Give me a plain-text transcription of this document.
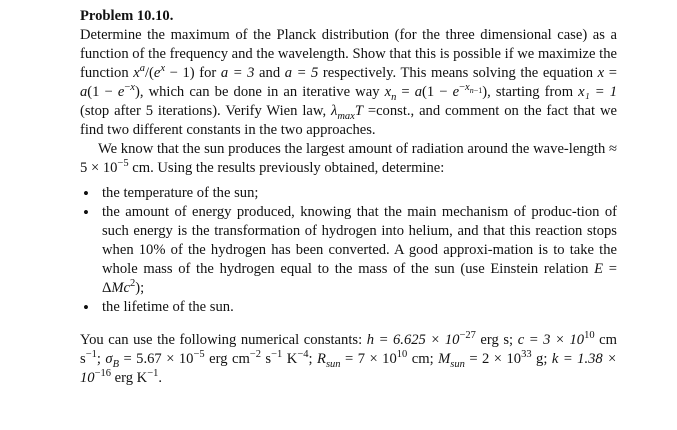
Problem 10.10.

Determine the maximum of the Planck distribution (for the three dimensional case) as a function of the frequency and the wavelength. Show that this is possible if we maximize the function $x^a/(e^x - 1)$ for a = 3 and a = 5 respectively. This means solving the equation $x = a(1 - e^{-x})$, which can be done in an iterative way $x_n = a(1 - e^{-x_{n-1}})$, starting from x₁ = 1 (stop after 5 iterations). Verify Wien law, $\lambda_{max}T$ =const., and comment on the fact that we find two different constants in the two approaches.

We know that the sun produces the largest amount of radiation around the wave-length ≈ $5 \times 10^{-5}$ cm. Using the results previously obtained, determine:

• the temperature of the sun;
• the amount of energy produced, knowing that the main mechanism of produc-tion of such energy is the transformation of hydrogen into helium, and that this reaction stops when 10% of the hydrogen has been converted. A good approxi-mation is to take the whole mass of the hydrogen equal to the mass of the sun (use Einstein relation E = ΔMc$^2$);
• the lifetime of the sun.

You can use the following numerical constants: $h = 6.625 \times 10^{-27}$ erg s; $c = 3 \times 10^{10}$ cm $s^{-1}$; $\sigma_B = 5.67 \times 10^{-5}$ erg $cm^{-2}$ $s^{-1}$ $K^{-4}$; $R_{sun} = 7 \times 10^{10}$ cm; $M_{sun} = 2 \times 10^{33}$ g; $k = 1.38 \times 10^{-16}$ erg $K^{-1}$.
